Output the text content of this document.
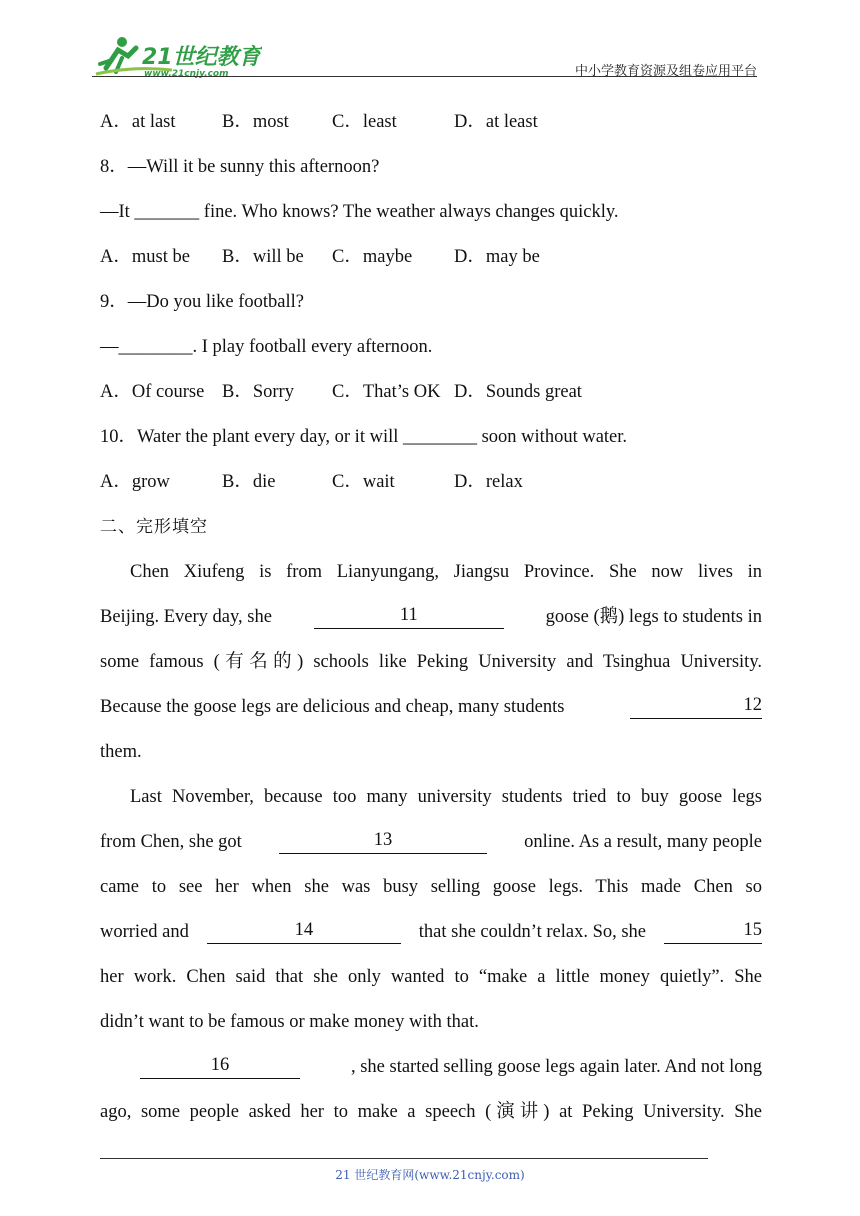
21世纪教育
www.21cnjy.com	中小学教育资源及组卷应用平台
A．at last	B．most C．least	D．at least
8．—Will it be sunny this afternoon?
—It _______ fine. Who knows? The weather always changes quickly.
A．must be B．will be C．maybe D．may be
9．—Do you like football?
—________. I play football every afternoon.
A．Of course B．Sorry C．That’s OK D．Sounds great
10．Water the plant every day, or it will ________ soon without water.
A．grow	B．die	C．wait	D．relax
二、完形填空
Chen Xiufeng is from Lianyungang, Jiangsu Province. She now lives in
Beijing. Every day, she	11	goose (鹅) legs to students in
some famous (有名的) schools like Peking University and Tsinghua University.
Because the goose legs are delicious and cheap, many students	12
them.
Last November, because too many university students tried to buy goose legs
from Chen, she got	13	online. As a result, many people
came to see her when she was busy selling goose legs. This made Chen so
worried and	14	that she couldn’t relax. So, she	15
her work. Chen said that she only wanted to “make a little money quietly”. She
didn’t want to be famous or make money with that.
16	, she started selling goose legs again later. And not long
ago, some people asked her to make a speech (演讲) at Peking University. She
21 世纪教育网(www.21cnjy.com)
